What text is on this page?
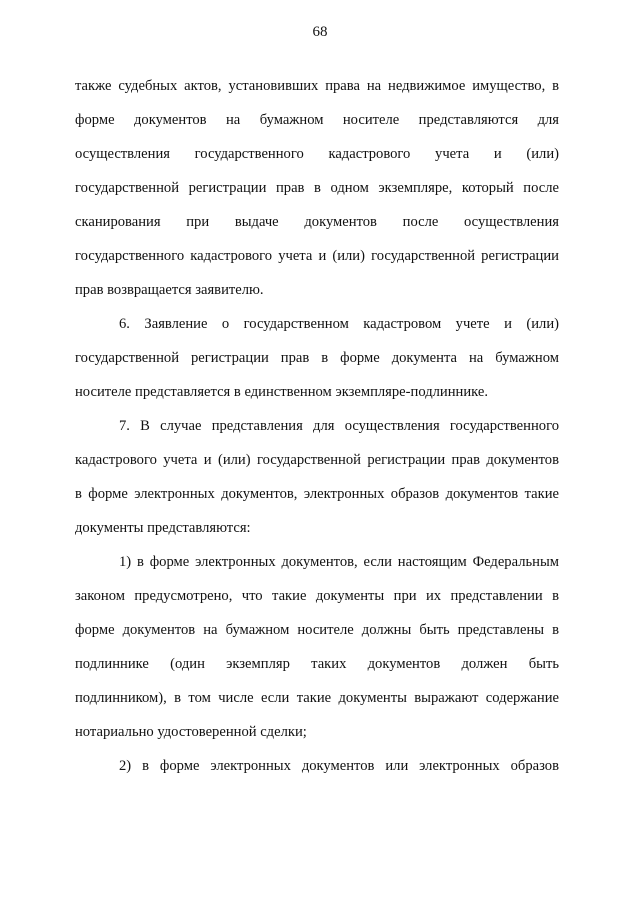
68
также судебных актов, установивших права на недвижимое имущество, в
форме документов на бумажном носителе представляются для
осуществления государственного кадастрового учета и (или)
государственной регистрации прав в одном экземпляре, который после
сканирования при выдаче документов после осуществления
государственного кадастрового учета и (или) государственной регистрации
прав возвращается заявителю.
6. Заявление о государственном кадастровом учете и (или)
государственной регистрации прав в форме документа на бумажном
носителе представляется в единственном экземпляре-подлиннике.
7. В случае представления для осуществления государственного
кадастрового учета и (или) государственной регистрации прав документов
в форме электронных документов, электронных образов документов такие
документы представляются:
1) в форме электронных документов, если настоящим Федеральным
законом предусмотрено, что такие документы при их представлении в
форме документов на бумажном носителе должны быть представлены в
подлиннике (один экземпляр таких документов должен быть
подлинником), в том числе если такие документы выражают содержание
нотариально удостоверенной сделки;
2) в форме электронных документов или электронных образов
